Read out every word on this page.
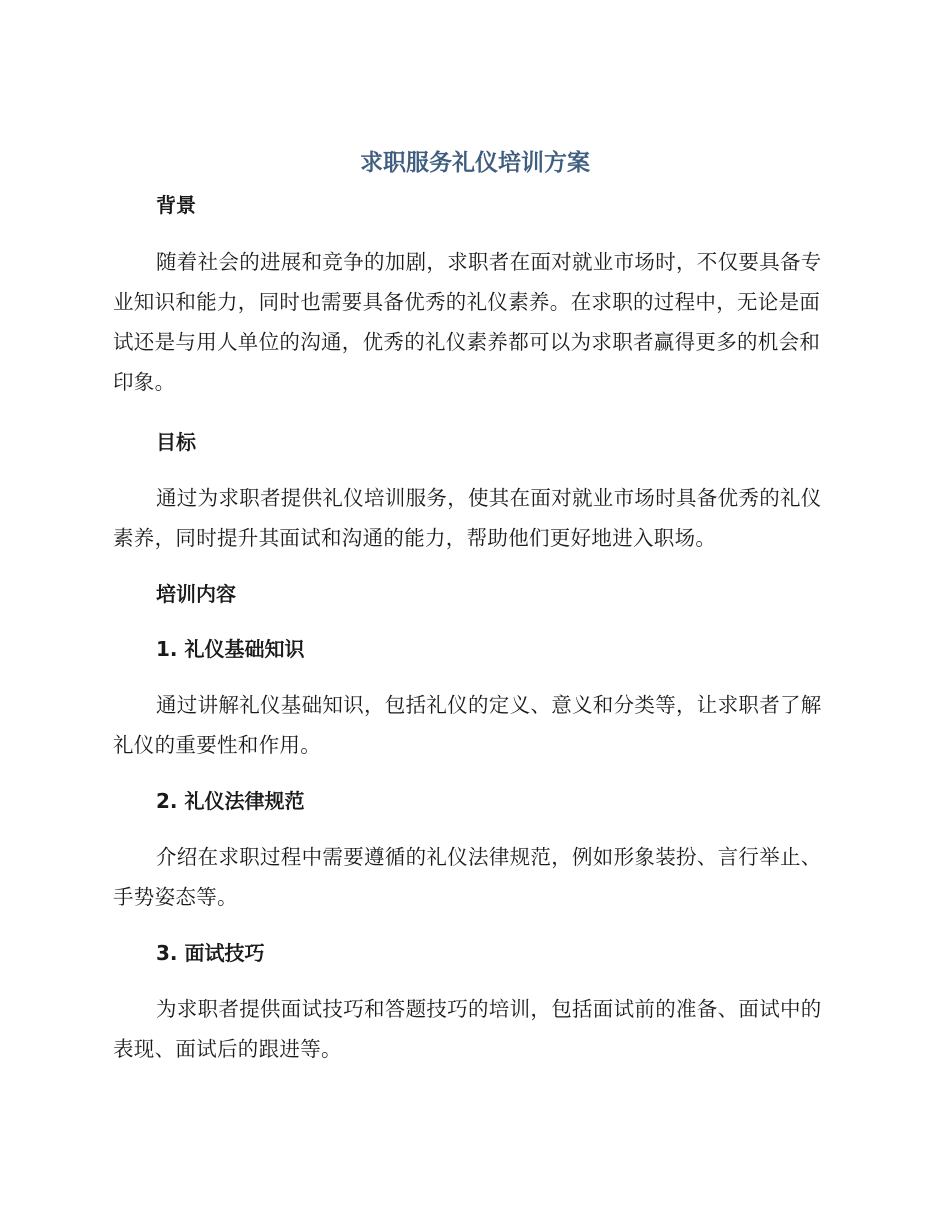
求职服务礼仪培训方案
背景

随着社会的进展和竞争的加剧，求职者在面对就业市场时，不仅要具备专业知识和能力，同时也需要具备优秀的礼仪素养。在求职的过程中，无论是面试还是与用人单位的沟通，优秀的礼仪素养都可以为求职者赢得更多的机会和印象。

目标

通过为求职者提供礼仪培训服务，使其在面对就业市场时具备优秀的礼仪素养，同时提升其面试和沟通的能力，帮助他们更好地进入职场。

培训内容
1. 礼仪基础知识

通过讲解礼仪基础知识，包括礼仪的定义、意义和分类等，让求职者了解礼仪的重要性和作用。

2. 礼仪法律规范

介绍在求职过程中需要遵循的礼仪法律规范，例如形象装扮、言行举止、手势姿态等。

3. 面试技巧

为求职者提供面试技巧和答题技巧的培训，包括面试前的准备、面试中的表现、面试后的跟进等。
